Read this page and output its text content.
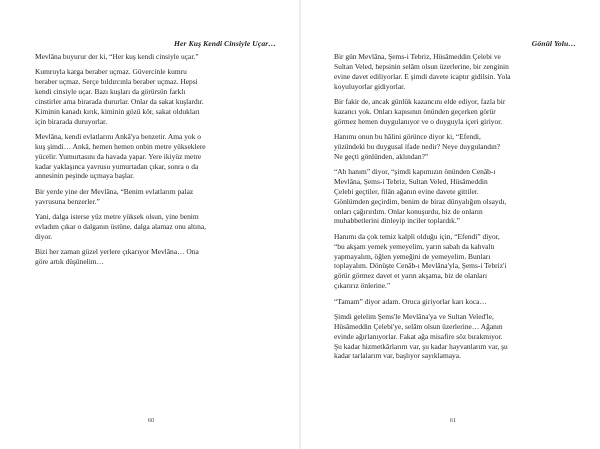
Her Kuş Kendi Cinsiyle Uçar…

Mevlâna buyurur der ki, “Her kuş kendi cinsiyle uçar.”

Kumruyla karga beraber uçmaz. Güvercinle kumru
beraber uçmaz. Serçe bıldırcınla beraber uçmaz. Hepsi
kendi cinsiyle uçar. Bazı kuşları da görürsün farklı
cinstirler ama birarada dururlar. Onlar da sakat kuşlardır.
Kiminin kanadı kırık, kiminin gözü kör, sakat oldukları
için birarada duruyorlar.

Mevlâna, kendi evlatlarını Ankâ'ya benzetir. Ama yok o
kuş şimdi… Ankâ, hemen hemen onbin metre yükseklere
yücelir. Yumurtasını da havada yapar. Yere ikiyüz metre
kadar yaklaşınca yavrusu yumurtadan çıkar, sonra o da
annesinin peşinde uçmaya başlar.

Bir yerde yine der Mevlâna, “Benim evlatlarım palaz
yavrusuna benzerler.”

Yani, dalga isterse yüz metre yüksek olsun, yine benim
evladım çıkar o dalganın üstüne, dalga alamaz onu altına,
diyor.

Bizi her zaman güzel yerlere çıkarıyor Mevlâna… Ona
göre artık düşünelim…

60
Gönül Yolu…

Bir gün Mevlâna, Şems-i Tebriz, Hüsâmeddin Çelebi ve
Sultan Veled, hepsinin selâm olsun üzerlerine, bir zenginin
evine davet ediliyorlar. E şimdi davete icaptır gidilsin. Yola
koyuluyorlar gidiyorlar.

Bir fakir de, ancak günlük kazancını elde ediyor, fazla bir
kazancı yok. Onları kapısının önünden geçerken görür
görmez hemen duygulanıyor ve o duyguyla içeri giriyor.

Hanımı onun bu hâlini görünce diyor ki, “Efendi,
yüzündeki bu duygusal ifade nedir? Neye duygulandın?
Ne geçti gönlünden, aklından?”

“Ah hanım” diyor, “şimdi kapımızın önünden Cenâb-ı
Mevlâna, Şems-i Tebriz, Sultan Veled, Hüsâmeddin
Çelebi geçtiler, filân ağanın evine davete gittiler.
Gönlümden geçirdim, benim de biraz dünyalığım olsaydı,
onları çağırırdım. Onlar konuşurdu, biz de onların
muhabbetlerini dinleyip inciler toplardık.”

Hanımı da çok temiz kalpli olduğu için, “Efendi” diyor,
“bu akşam yemek yemeyelim, yarın sabah da kahvaltı
yapmayalım, öğlen yemeğini de yemeyelim. Bunları
toplayalım. Dönüşte Cenâb-ı Mevlâna'yla, Şems-i Tebriz'i
görür görmez davet et yarın akşama, biz de olanları
çıkarırız önlerine.”

“Tamam” diyor adam. Oruca giriyorlar karı koca…

Şimdi gelelim Şems'le Mevlâna'ya ve Sultan Veled'le,
Hüsâmeddin Çelebi'ye, selâm olsun üzerlerine… Ağanın
evinde ağırlanıyorlar. Fakat ağa misafire söz bırakmıyor.
Şu kadar hizmetkârlarım var, şu kadar hayvanlarım var, şu
kadar tarlalarım var, başlıyor sayıklamaya.

61
